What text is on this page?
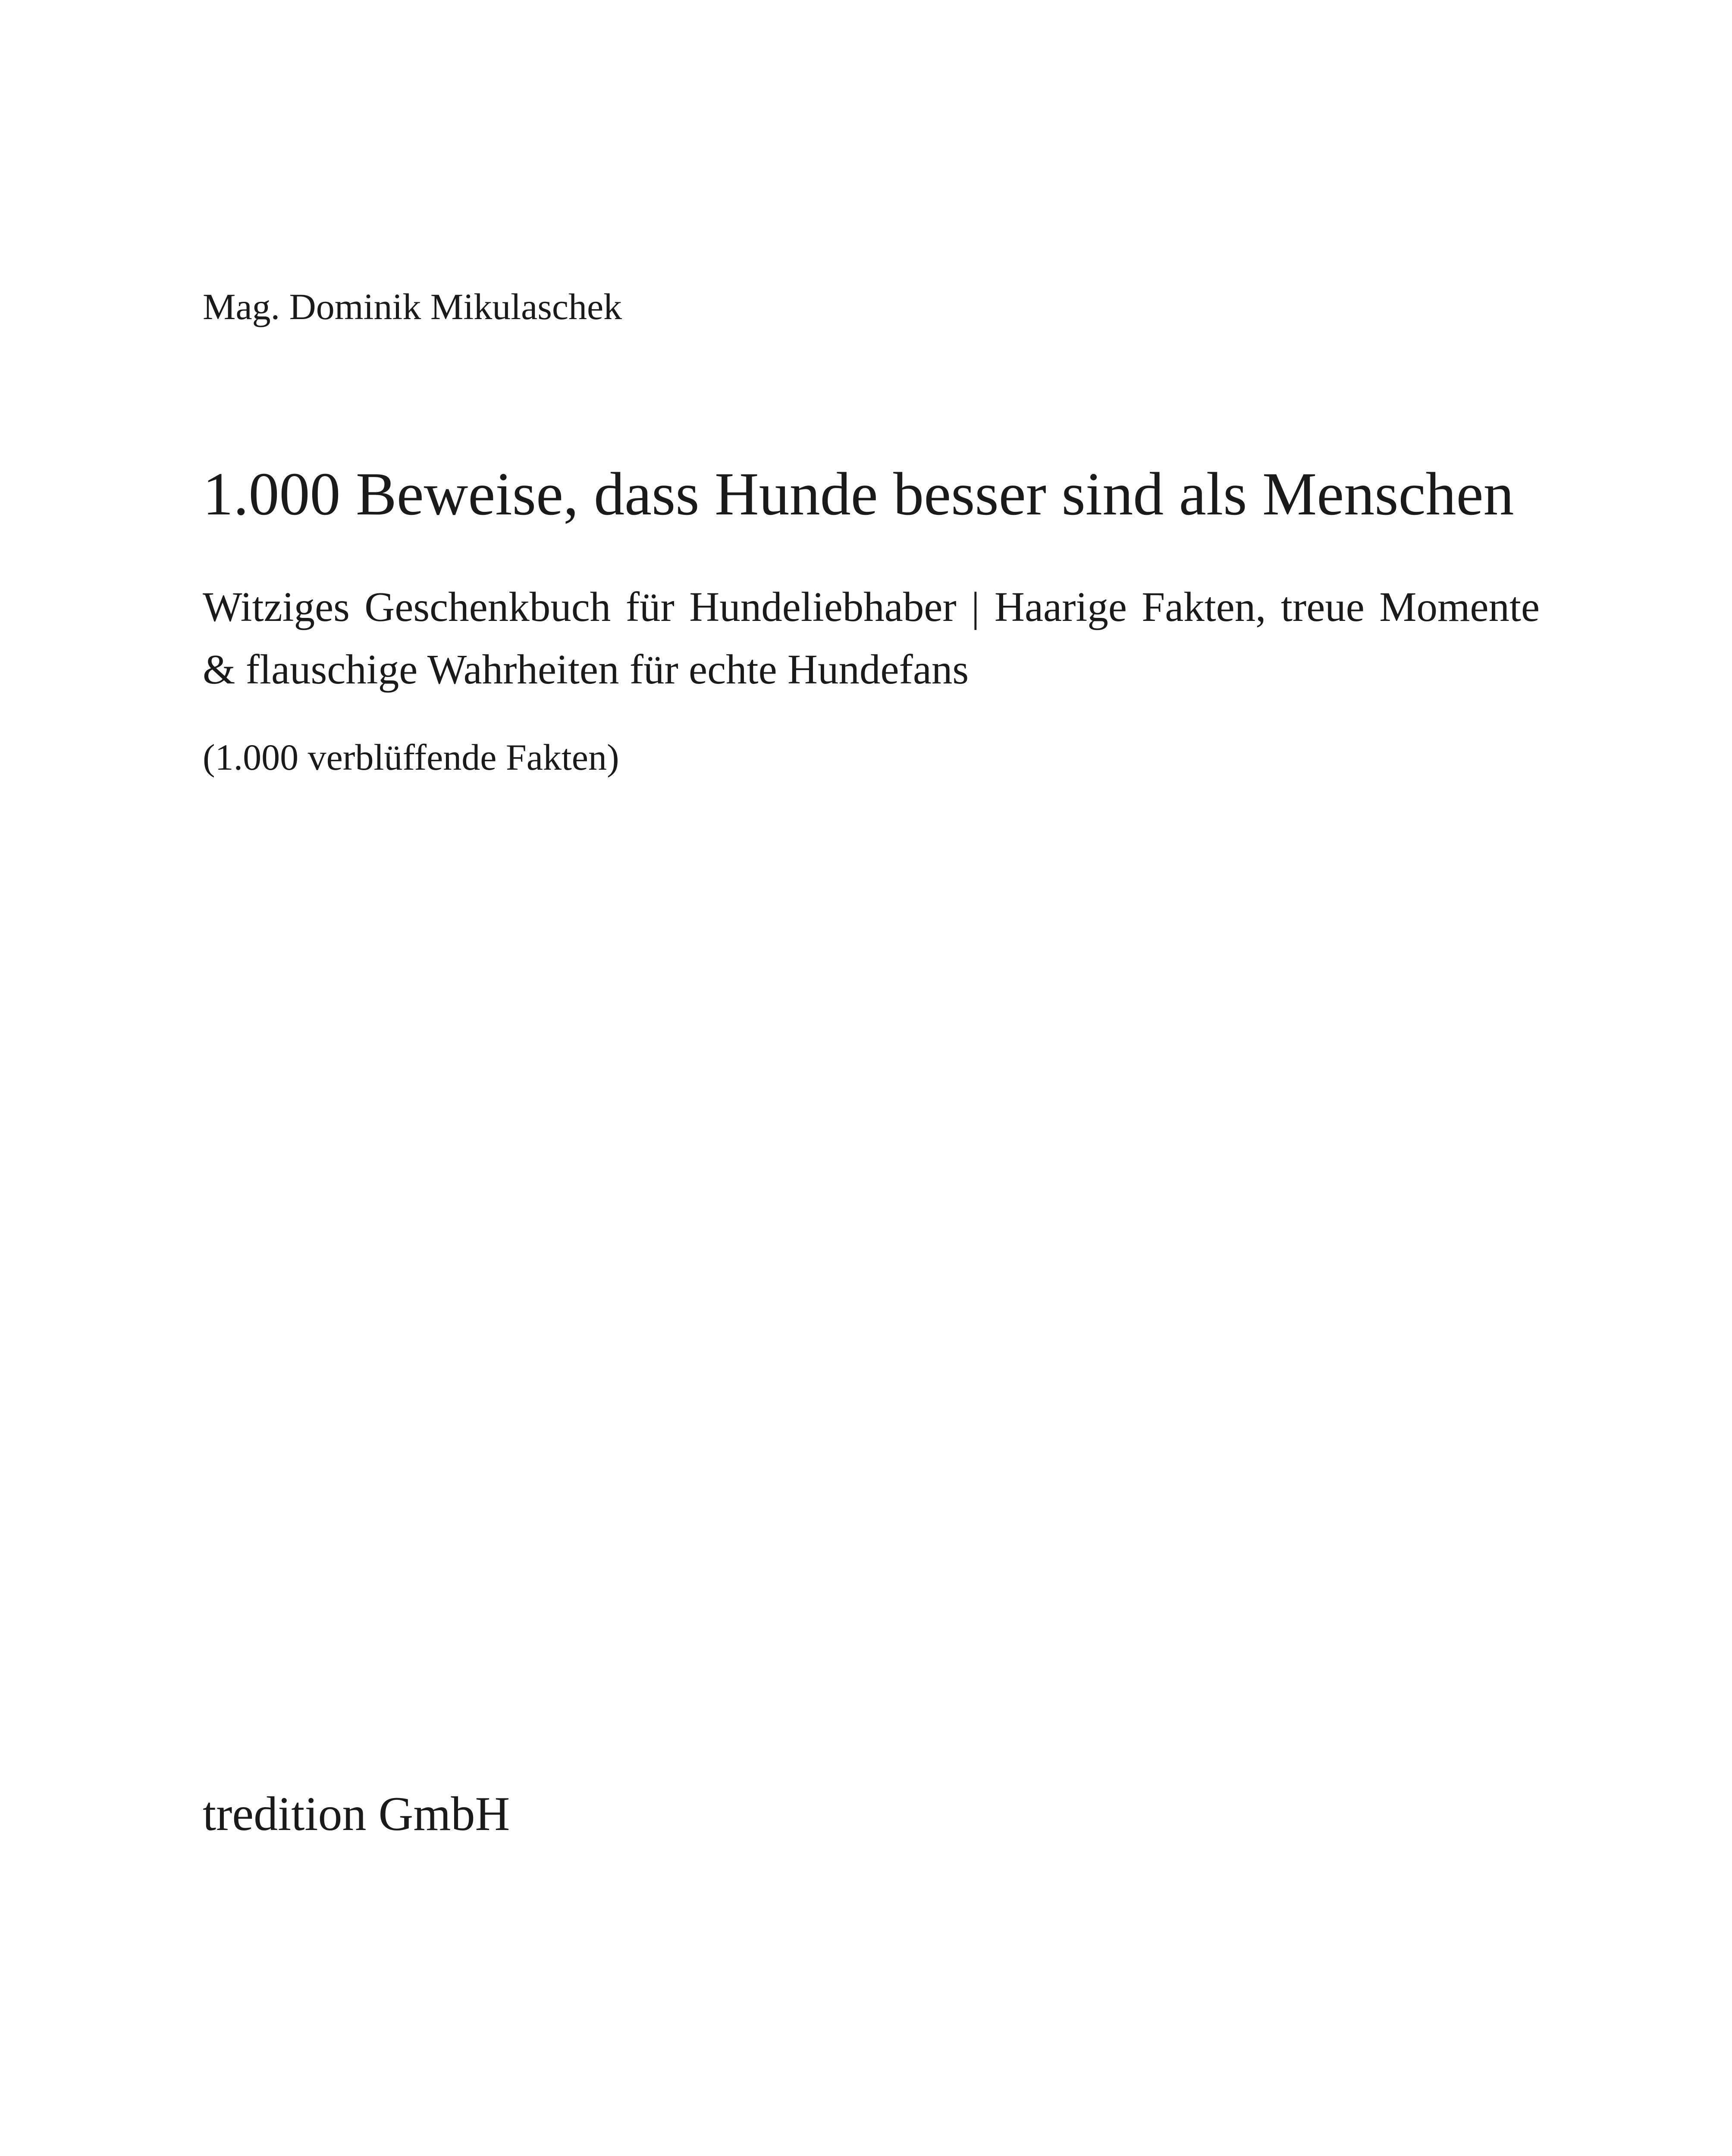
Mag. Dominik Mikulaschek
1.000 Beweise, dass Hunde besser sind als Menschen

Witziges Geschenkbuch für Hundeliebhaber | Haarige Fakten, treue Momente & flauschige Wahrheiten für echte Hundefans

(1.000 verblüffende Fakten)
tredition GmbH
